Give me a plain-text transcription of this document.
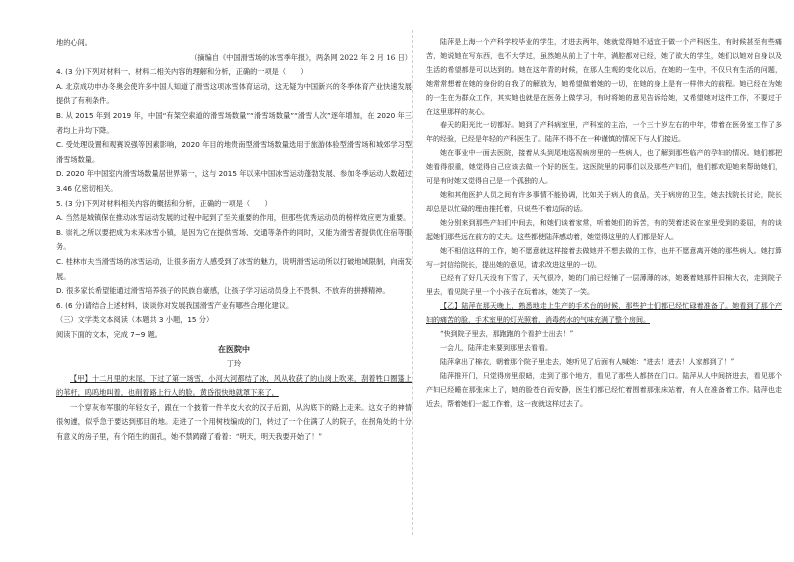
地的心间。

（摘编自《中国滑雪场的冰雪季年报》，两条网 2022 年 2 月 16 日）

4. (3 分)下列对材料一、材料二相关内容的理解和分析，正确的一项是（　　）

A. 北京成功申办冬奥会使许多中国人知道了滑雪这项冰雪体育运动，这无疑为中国新兴的冬季体育产业快速发展提供了有利条件。

B. 从 2015 年到 2019 年，中国“有架空索道的滑雪场数量”“滑雪场数量”“滑雪人次”逐年增加，在 2020 年三者均上升均下降。

C. 受处理设置和观赛说强等因素影响，2020 年目的地贵南型滑雪场数量选用于旅游体验型滑雪场和城郊学习型滑雪场数量。

D. 2020 年中国室内滑雪场数量居世界第一，这与 2015 年以来中国冰雪运动蓬勃发展、参加冬季运动人数超过 3.46 亿密切相关。

5. (3 分)下列对材料相关内容的概括和分析，正确的一项是（　　）

A. 当然是城镇保在推动冰雪运动发展的过程中起到了至关重要的作用，但那些优秀运动员的榜样效应更为重要。

B. 崇礼之所以要把成为未来冰雪小镇，是因为它在提供雪场、交通等条件的同时，又能为滑雪者提供优住宿等服务。

C. 桂林市夫当滑雪场的冰雪运动，让很多南方人感受到了冰雪的魅力，说明滑雪运动所以打破地域限制，向南发展。

D. 很多家长希望能通过滑雪培养孩子的民族自豪感，让孩子学习运动员身上不畏惧、不放弃的拼搏精神。

6. (6 分)请结合上述材料，谈谈你对发展我国滑雪产业有哪些合理化建议。

（三）文学类文本阅读（本题共 3 小题，15 分）

阅读下面的文本，完成 7~9 题。

在医院中

丁玲

【甲】十二月里的末尾，下过了第一场雪，小河大河都结了冰，风从收获了的山岗上吹来，刮着牲口圈篷上的苇杆，呜呜地叫着，也削着路上行人的脸。黄昏很快地就罩下来了，

一个穿灰布军服的年轻女子，跟在一个披着一件羊皮大衣的汉子后面，从沟底下的路上走来。这女子的神情很匆遽，似乎急于要达到那目的地。走进了一个用树枝编成的门，转过了一个住满了人的院子，在拐角处的十分有意义的房子里，有个陌生的面孔，她不禁踌躇了看着：“明天，明天我要开始了！”

陆萍是上海一个产科学校毕业的学生，才进去两年，她就觉得她不适宜于做一个产科医生，有时候甚至有些痛苦，她说她在写东西，也不大学过，虽然她从前上了十年，满腔都对已经，她了欲大的学生，她们以她对自身以及生活的希望都是可以达到的。她在这年青的时候，在那人生观的变化以后，在她的一生中，不仅只有生活的问题，她常常想着在她的身份的自我了的解放为，她希望做着她的一切，在她的身上是有一样伟大的前程。她已经在为她的一生在为群众工作，其实她也就是在医务上做学习，有时将她的意见告诉给她，又希望她对这件工作，不要过于在这里那样的灰心。

春天的阳光比一切都好。她到了产科病室里，产科室的主治，一个三十岁左右的中年，带着在医务室工作了多年的经验，已经是年轻的产科医生了。陆萍不得不在一种谨慎的情况下与人们接近。

她在事业中一面去医院，接着从头到尾地巡视病房里的一些病人，也了解到那些临产的孕妇的情况。她们都把她看得很重，她觉得自己应该去做一个好的医生。这医院里的同事们以及那些产妇们，他们都欢迎她来帮助她们，可是有时她又觉得自己是一个孤独的人。

她和其他医护人员之间有许多事情不能协调，比如关于病人的食品，关于病房的卫生，她去找院长讨论，院长却总是以忙碌的理由推托着，只说些不着边际的话。

她分别来到那些产妇们中间去，和她们谈着家常，听着她们的诉苦，有的哭着述说在家里受到的委屈，有的谈起她们那些远在前方的丈夫。这些都使陆萍感动着，她觉得这里的人们都是好人。

她不相信这样的工作，她不愿意就这样接着去做她并不想去做的工作，也并不愿意离开她的那些病人。她打算写一封信给院长，提出她的意见，请求改进这里的一切。

已经有了好几天没有下雪了，天气很冷，她的门前已经铺了一层薄薄的冰，她裹着她那件旧棉大衣，走到院子里去，看见院子里一个小孩子在玩着冰，她笑了一笑。

【乙】陆萍在那天晚上，熟悉地走上生产的手术台的时候，那些护士们都已经忙碌着准备了。她看到了那个产妇的痛苦的脸，手术室里的灯光照着，消毒药水的气味充满了整个房间。

“快到院子里去，那跑跑的个看护士出去！”

一会儿，陆萍走来要到那里去看看。

陆萍拿出了棉衣，朝着那个院子里走去，她听见了后面有人喊她：“进去！进去！人家都到了！”

陆萍推开门，只觉得房里很暗，走到了那个地方，看见了那些人都挤在门口。陆萍从人中间挤进去，看见那个产妇已经睡在那张床上了，她的脸苍白而安静，医生们都已经忙着围着那张床站着，有人在准备着工作。陆萍也走近去，帮着她们一起工作着，这一夜就这样过去了。
